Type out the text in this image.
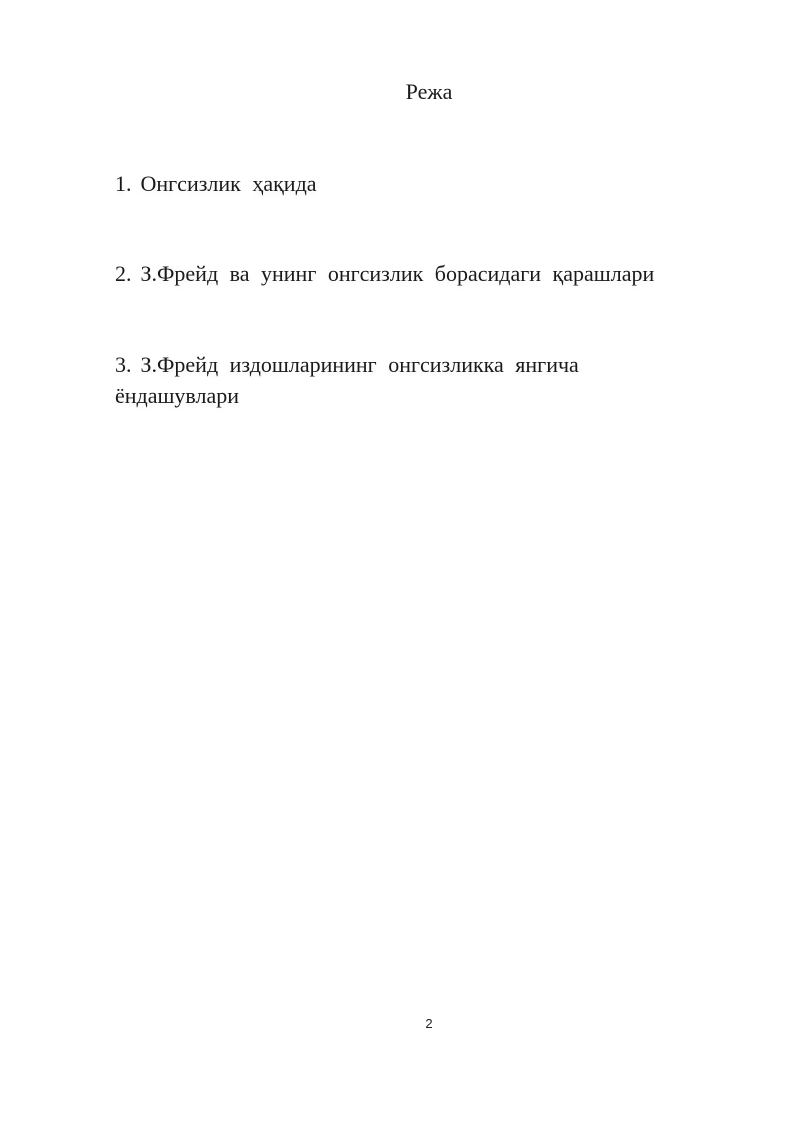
Режа
1. Онгсизлик ҳақида
2. З.Фрейд ва унинг онгсизлик борасидаги қарашлари
3. З.Фрейд издошларининг онгсизликка янгича ёндашувлари
2
